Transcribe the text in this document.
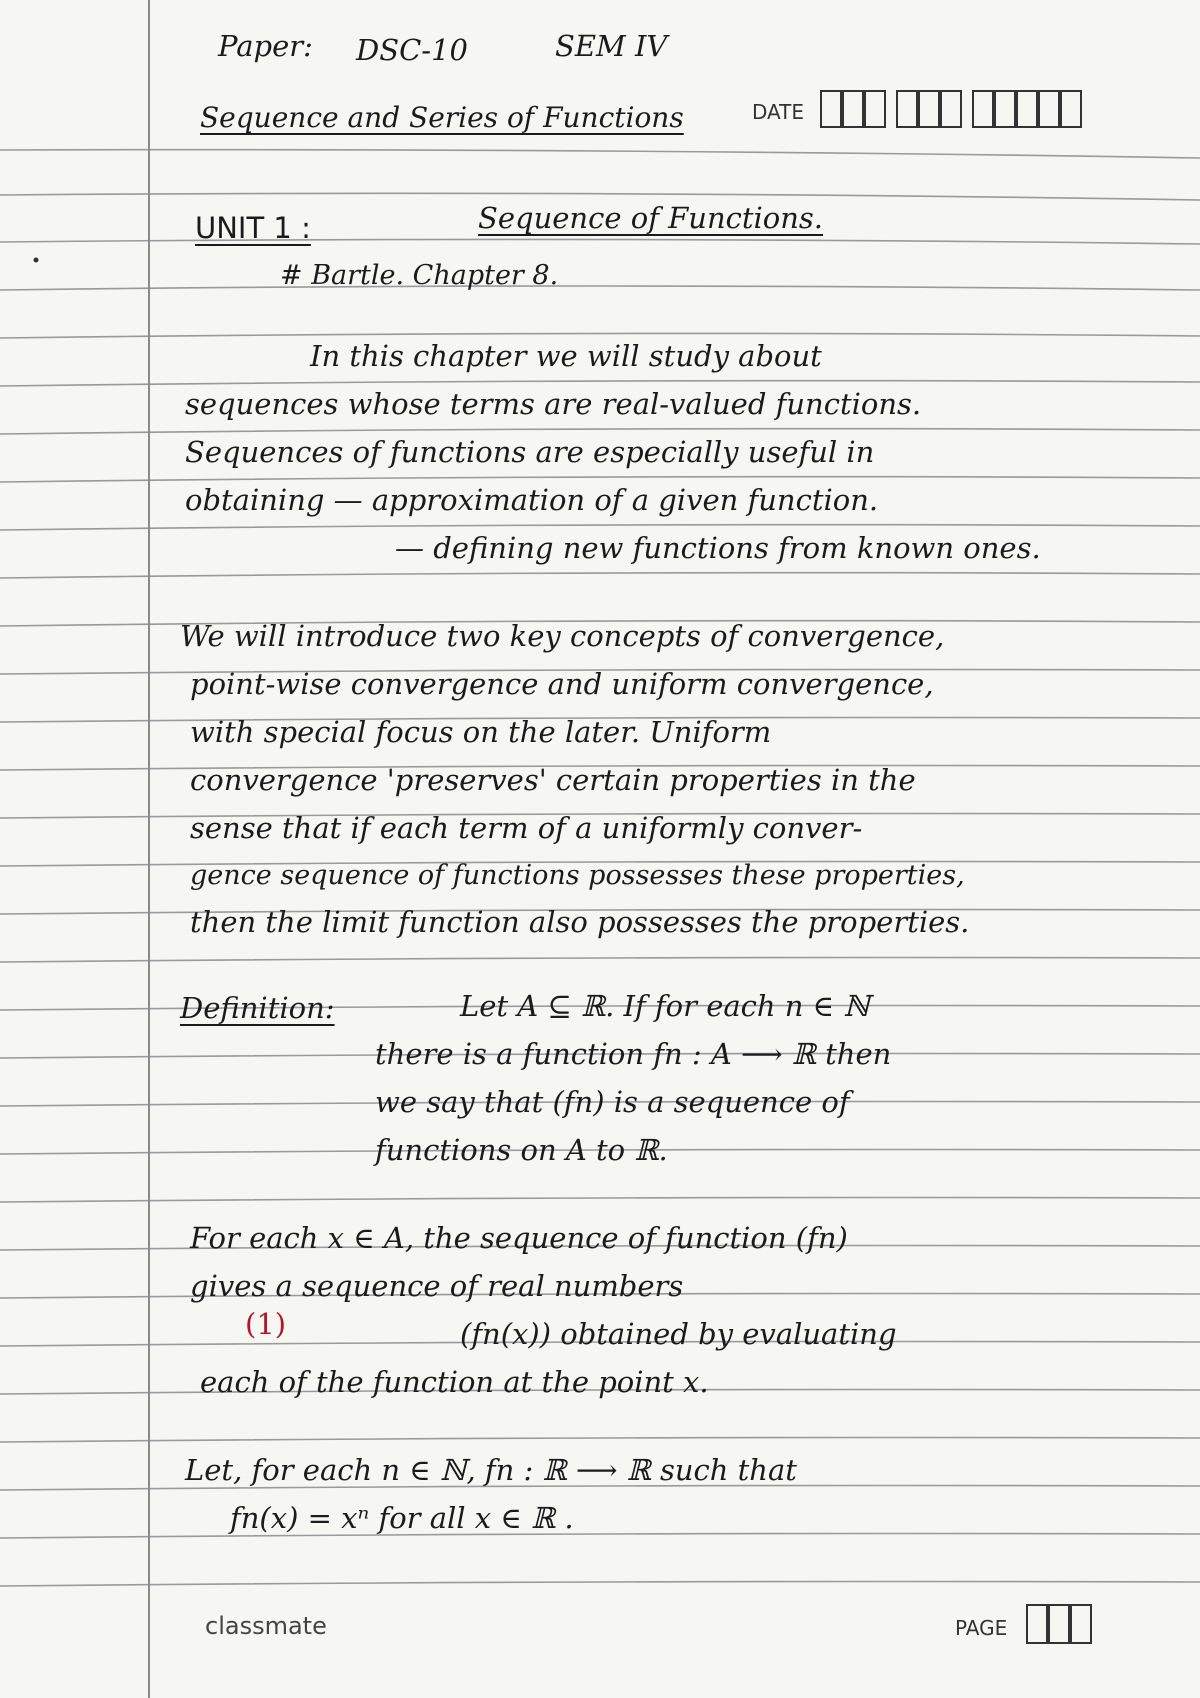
Paper: DSC-10	SEM IV
Sequence and Series of Functions	DATE
UNIT 1 :	Sequence of Functions.
# Bartle. Chapter 8.
In this chapter we will study about
sequences whose terms are real-valued functions.
Sequences of functions are especially useful in
obtaining — approximation of a given function.
— defining new functions from known ones.
We will introduce two key concepts of convergence,
point-wise convergence and uniform convergence,
with special focus on the later. Uniform
convergence 'preserves' certain properties in the
sense that if each term of a uniformly conver-
gence sequence of functions possesses these properties,
then the limit function also possesses the properties.
Definition:	Let A ⊆ ℝ. If for each n ∈ ℕ
there is a function fn : A ⟶ ℝ then
we say that (fn) is a sequence of
functions on A to ℝ.
For each x ∈ A, the sequence of function (fn)
gives a sequence of real numbers
(1)	(fn(x)) obtained by evaluating
each of the function at the point x.
Let, for each n ∈ ℕ, fn : ℝ ⟶ ℝ such that
fn(x) = xⁿ for all x ∈ ℝ .
classmate	PAGE
